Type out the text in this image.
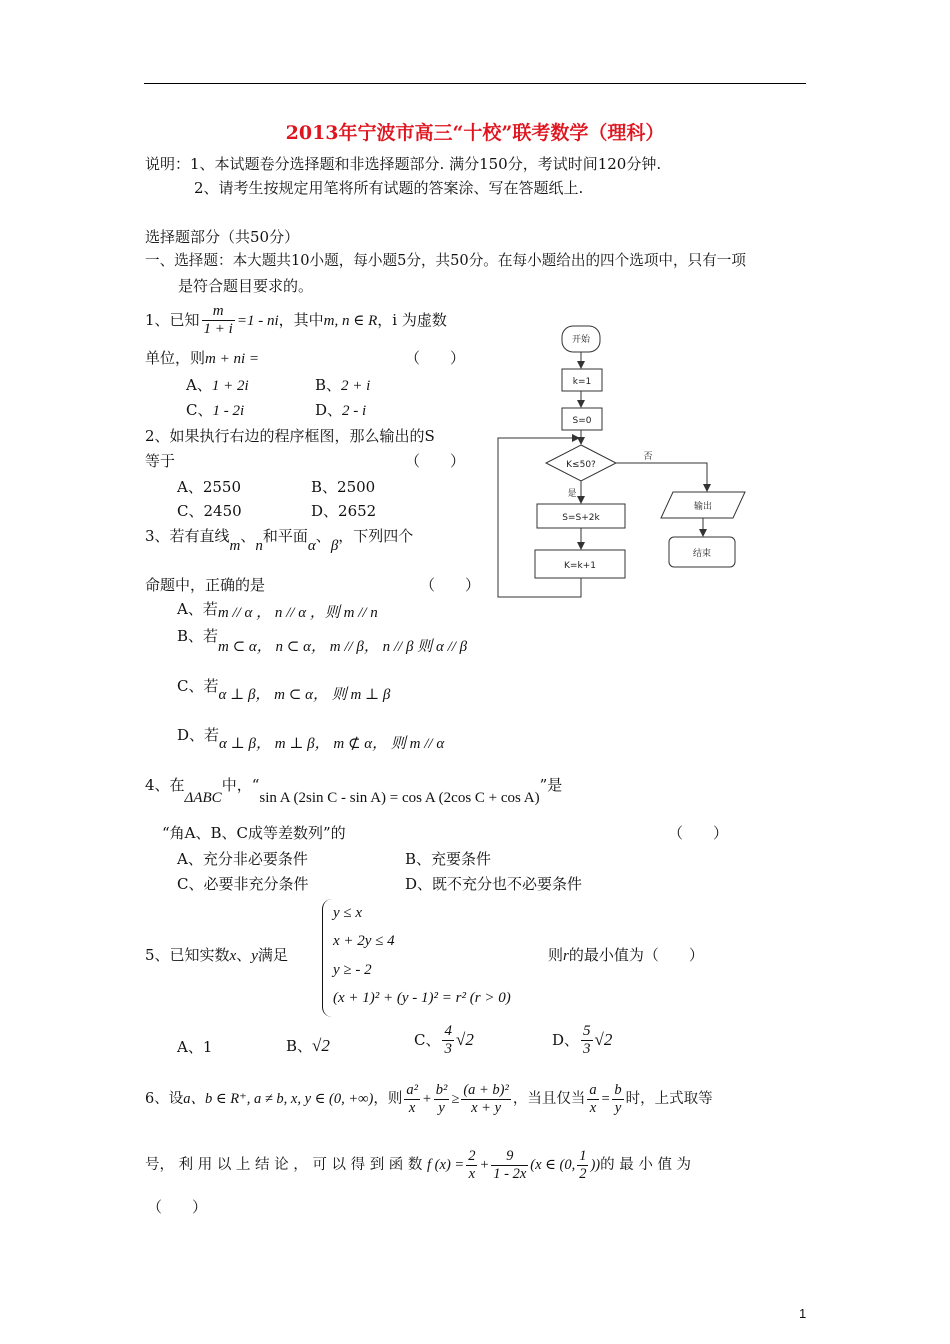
2013年宁波市高三“十校”联考数学（理科）
说明：1、本试题卷分选择题和非选择题部分. 满分150分，考试时间120分钟.
2、请考生按规定用笔将所有试题的答案涂、写在答题纸上.
选择题部分（共50分）
一、选择题：本大题共10小题，每小题5分，共50分。在每小题给出的四个选项中，只有一项
是符合题目要求的。
1、已知 $\frac{m}{1 + i} =1$ - ni，其中m, n ∈ R，i 为虚数
单位，则m + ni =	（　　）
A、1 + 2i	B、2 + i
C、1 - 2i	D、2 - i
2、如果执行右边的程序框图，那么输出的S
等于	（　　）
A、2550	B、2500
C、2450	D、2652
开始
k=1
S=0
K≤50?
否
是
S=S+2k
K=k+1
输出
结束
3、若有直线m、n和平面α、β，下列四个
命题中，正确的是	（　　）
A、若m // α ， n // α ，则 m // n
B、若m ⊂ α， n ⊂ α， m // β， n // β 则 α // β
C、若α ⊥ β， m ⊂ α， 则 m ⊥ β
D、若α ⊥ β， m ⊥ β， m ⊄ α， 则 m // α
4、在ΔABC中，“sin A (2sin C - sin A) = cos A (2cos C + cos A)”是
“角A、B、C成等差数列”的	（　　）
A、充分非必要条件	B、充要条件
C、必要非充分条件	D、既不充分也不必要条件
5、已知实数x、y满足
y ≤ x
x + 2y ≤ 4
y ≥ - 2
(x + 1)² + (y - 1)² = r² (r > 0)
则r的最小值为（　　）
A、1	B、√2	C、 $\frac{4}{3} √2$	D、 $\frac{5}{3} √2$
6、设a、b ∈ R⁺, a ≠ b, x, y ∈ (0, +∞)，则 $\frac{\text{a²}}{x} + \frac{\text{b²}}{y} \ge \frac{\text{(a + b)²}}{x + y}$ ，当且仅当 $\frac{a}{x} = \frac{b}{y}$ 时，上式取等
号， 利 用 以 上 结 论 ， 可 以 得 到 函 数 f $(x) = \frac{2}{x} + \frac{9}{1 - 2x} (x$ ∈ (0, $\frac{1}{2}$ ))的 最 小 值 为
（　　）
1
